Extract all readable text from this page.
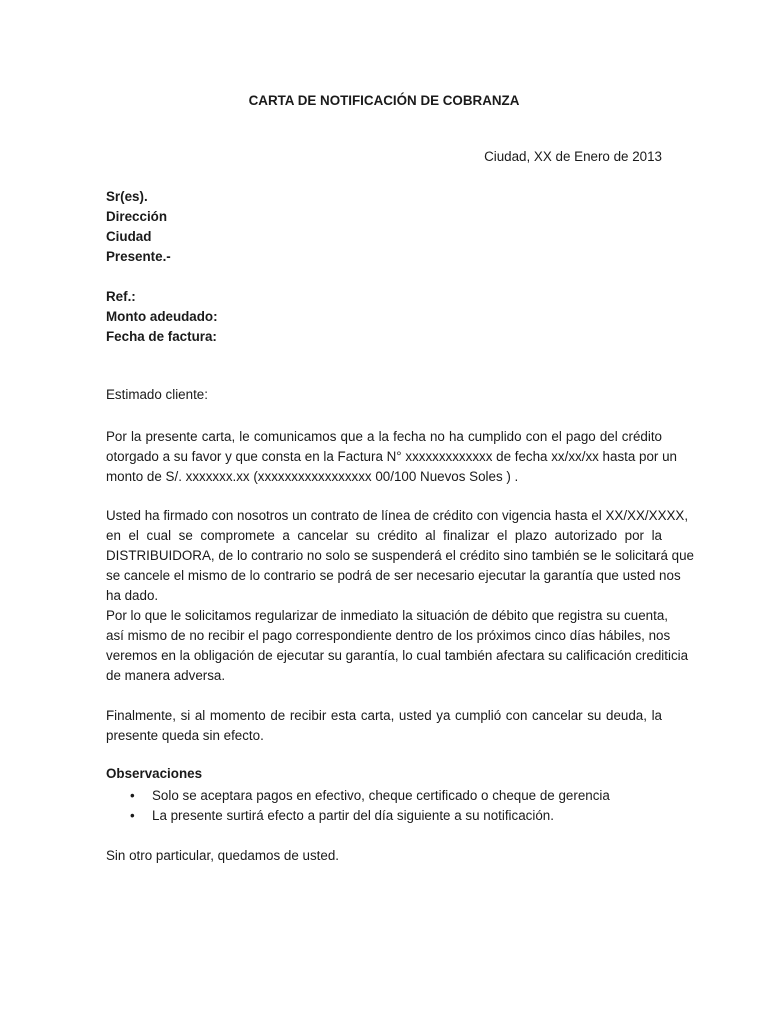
CARTA DE NOTIFICACIÓN DE COBRANZA
Ciudad, XX de Enero de 2013
Sr(es).
Dirección
Ciudad
Presente.-
Ref.:
Monto adeudado:
Fecha de factura:
Estimado cliente:
Por la presente carta, le comunicamos que a la fecha no ha cumplido con el pago del crédito
otorgado a su favor y que consta en la Factura N° xxxxxxxxxxxxx de fecha xx/xx/xx hasta por un
monto de S/. xxxxxxx.xx (xxxxxxxxxxxxxxxxx 00/100 Nuevos Soles ) .
Usted ha firmado con nosotros un contrato de línea de crédito con vigencia hasta el XX/XX/XXXX,
en el cual se compromete a cancelar su crédito al finalizar el plazo autorizado por la
DISTRIBUIDORA, de lo contrario no solo se suspenderá el crédito sino también se le solicitará que
se cancele el mismo de lo contrario se podrá de ser necesario ejecutar la garantía que usted nos
ha dado.
Por lo que le solicitamos regularizar de inmediato la situación de débito que registra su cuenta,
así mismo de no recibir el pago correspondiente dentro de los próximos cinco días hábiles, nos
veremos en la obligación de ejecutar su garantía, lo cual también afectara su calificación crediticia
de manera adversa.
Finalmente, si al momento de recibir esta carta, usted ya cumplió con cancelar su deuda, la
presente queda sin efecto.
Observaciones
• Solo se aceptara pagos en efectivo, cheque certificado o cheque de gerencia
• La presente surtirá efecto a partir del día siguiente a su notificación.
Sin otro particular, quedamos de usted.
